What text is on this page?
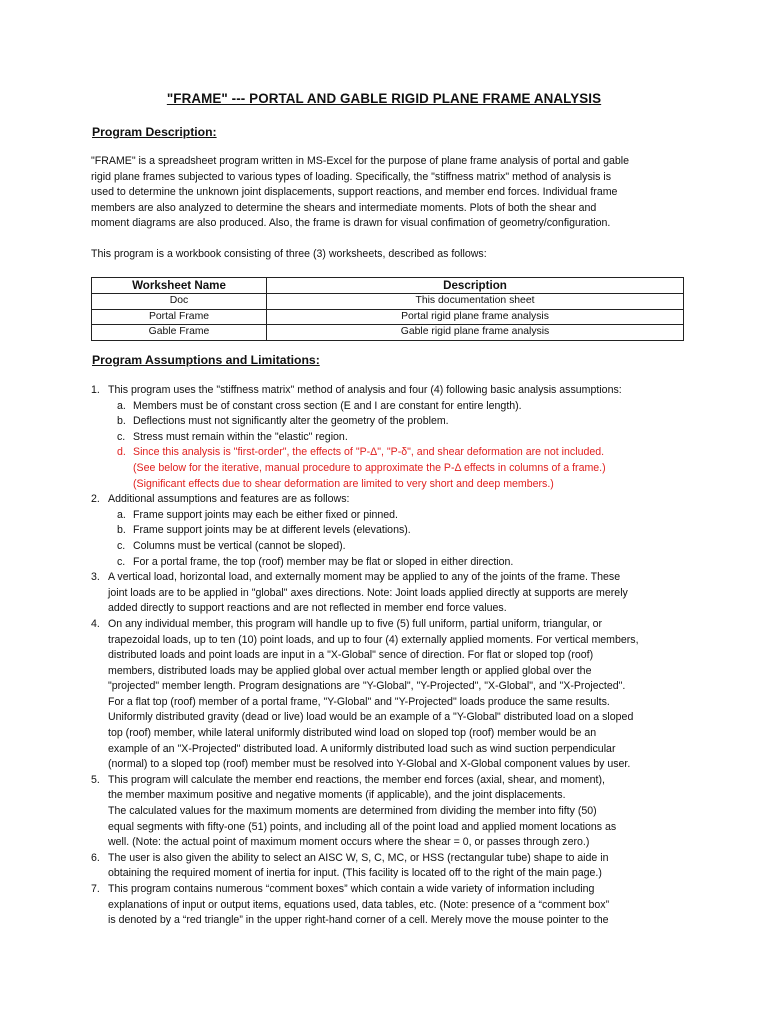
"FRAME" --- PORTAL AND GABLE RIGID PLANE FRAME ANALYSIS
Program Description:
"FRAME" is a spreadsheet program written in MS-Excel for the purpose of plane frame analysis of portal and gable
rigid plane frames subjected to various types of loading. Specifically, the "stiffness matrix" method of analysis is
used to determine the unknown joint displacements, support reactions, and member end forces. Individual frame
members are also analyzed to determine the shears and intermediate moments. Plots of both the shear and
moment diagrams are also produced. Also, the frame is drawn for visual confimation of geometry/configuration.
This program is a workbook consisting of three (3) worksheets, described as follows:
Worksheet Name	Description
Doc	This documentation sheet
Portal Frame	Portal rigid plane frame analysis
Gable Frame	Gable rigid plane frame analysis
Program Assumptions and Limitations:
1. This program uses the "stiffness matrix" method of analysis and four (4) following basic analysis assumptions:
a. Members must be of constant cross section (E and I are constant for entire length).
b. Deflections must not significantly alter the geometry of the problem.
c. Stress must remain within the "elastic" region.
d. Since this analysis is "first-order", the effects of "P-Δ", "P-δ", and shear deformation are not included.
(See below for the iterative, manual procedure to approximate the P-Δ effects in columns of a frame.)
(Significant effects due to shear deformation are limited to very short and deep members.)
2. Additional assumptions and features are as follows:
a. Frame support joints may each be either fixed or pinned.
b. Frame support joints may be at different levels (elevations).
c. Columns must be vertical (cannot be sloped).
c. For a portal frame, the top (roof) member may be flat or sloped in either direction.
3. A vertical load, horizontal load, and externally moment may be applied to any of the joints of the frame. These
joint loads are to be applied in "global" axes directions. Note: Joint loads applied directly at supports are merely
added directly to support reactions and are not reflected in member end force values.
4. On any individual member, this program will handle up to five (5) full uniform, partial uniform, triangular, or
trapezoidal loads, up to ten (10) point loads, and up to four (4) externally applied moments. For vertical members,
distributed loads and point loads are input in a "X-Global" sence of direction. For flat or sloped top (roof)
members, distributed loads may be applied global over actual member length or applied global over the
"projected" member length. Program designations are "Y-Global", "Y-Projected", "X-Global", and "X-Projected".
For a flat top (roof) member of a portal frame, "Y-Global" and "Y-Projected" loads produce the same results.
Uniformly distributed gravity (dead or live) load would be an example of a "Y-Global" distributed load on a sloped
top (roof) member, while lateral uniformly distributed wind load on sloped top (roof) member would be an
example of an "X-Projected" distributed load. A uniformly distributed load such as wind suction perpendicular
(normal) to a sloped top (roof) member must be resolved into Y-Global and X-Global component values by user.
5. This program will calculate the member end reactions, the member end forces (axial, shear, and moment),
the member maximum positive and negative moments (if applicable), and the joint displacements.
The calculated values for the maximum moments are determined from dividing the member into fifty (50)
equal segments with fifty-one (51) points, and including all of the point load and applied moment locations as
well. (Note: the actual point of maximum moment occurs where the shear = 0, or passes through zero.)
6. The user is also given the ability to select an AISC W, S, C, MC, or HSS (rectangular tube) shape to aide in
obtaining the required moment of inertia for input. (This facility is located off to the right of the main page.)
7. This program contains numerous “comment boxes” which contain a wide variety of information including
explanations of input or output items, equations used, data tables, etc. (Note: presence of a “comment box”
is denoted by a “red triangle” in the upper right-hand corner of a cell. Merely move the mouse pointer to the
